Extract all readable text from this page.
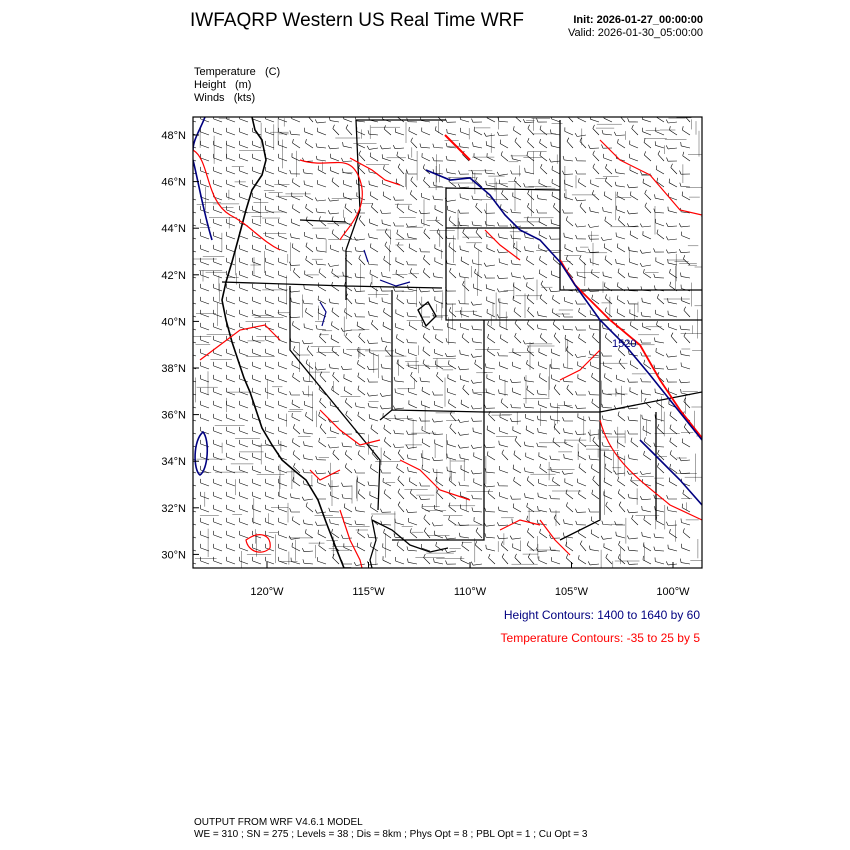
IWFAQRP Western US Real Time WRF	Init: 2026-01-27_00:00:00
Valid: 2026-01-30_05:00:00
Temperature (C)
Height (m)
Winds (kts)
1520
48°N
46°N
44°N
42°N
40°N
38°N
36°N
34°N
32°N
30°N
120°W	115°W	110°W	105°W	100°W
Height Contours: 1400 to 1640 by 60
Temperature Contours: -35 to 25 by 5
OUTPUT FROM WRF V4.6.1 MODEL
WE = 310 ; SN = 275 ; Levels = 38 ; Dis = 8km ; Phys Opt = 8 ; PBL Opt = 1 ; Cu Opt = 3
